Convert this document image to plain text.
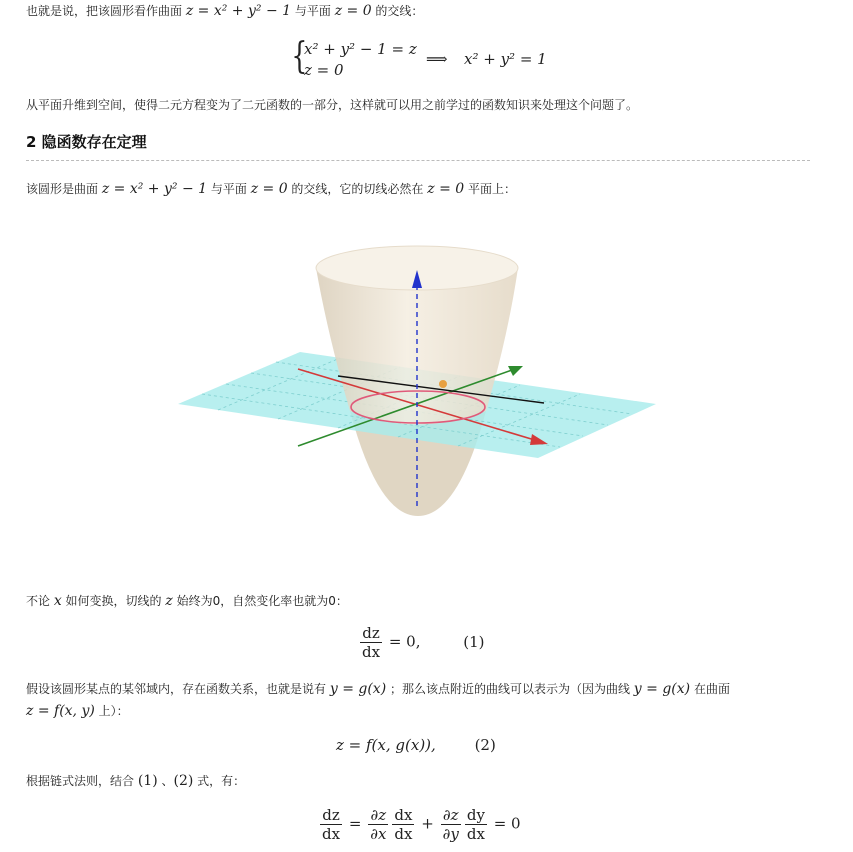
也就是说，把该圆形看作曲面 z = x² + y² − 1 与平面 z = 0 的交线：
{
x² + y² − 1 = z
z = 0
⟹ x² + y² = 1
从平面升维到空间，使得二元方程变为了二元函数的一部分，这样就可以用之前学过的函数知识来处理这个问题了。
2 隐函数存在定理
该圆形是曲面 z = x² + y² − 1 与平面 z = 0 的交线，它的切线必然在 z = 0 平面上：
不论 x 如何变换，切线的 z 始终为0，自然变化率也就为0：
$\frac{dz}{dx} = 0$,	(1)
假设该圆形某点的某邻域内，存在函数关系，也就是说有 y = g(x) ；那么该点附近的曲线可以表示为（因为曲线 y = g(x) 在曲面
z = f(x, y) 上）：
z = f(x, g(x)),	(2)
根据链式法则，结合 (1) 、(2) 式，有：
$\frac{dz}{dx} = \frac{\partial z}{\partial x} \frac{dx}{dx} + \frac{\partial z}{\partial y} \frac{dy}{dx} = 0$
